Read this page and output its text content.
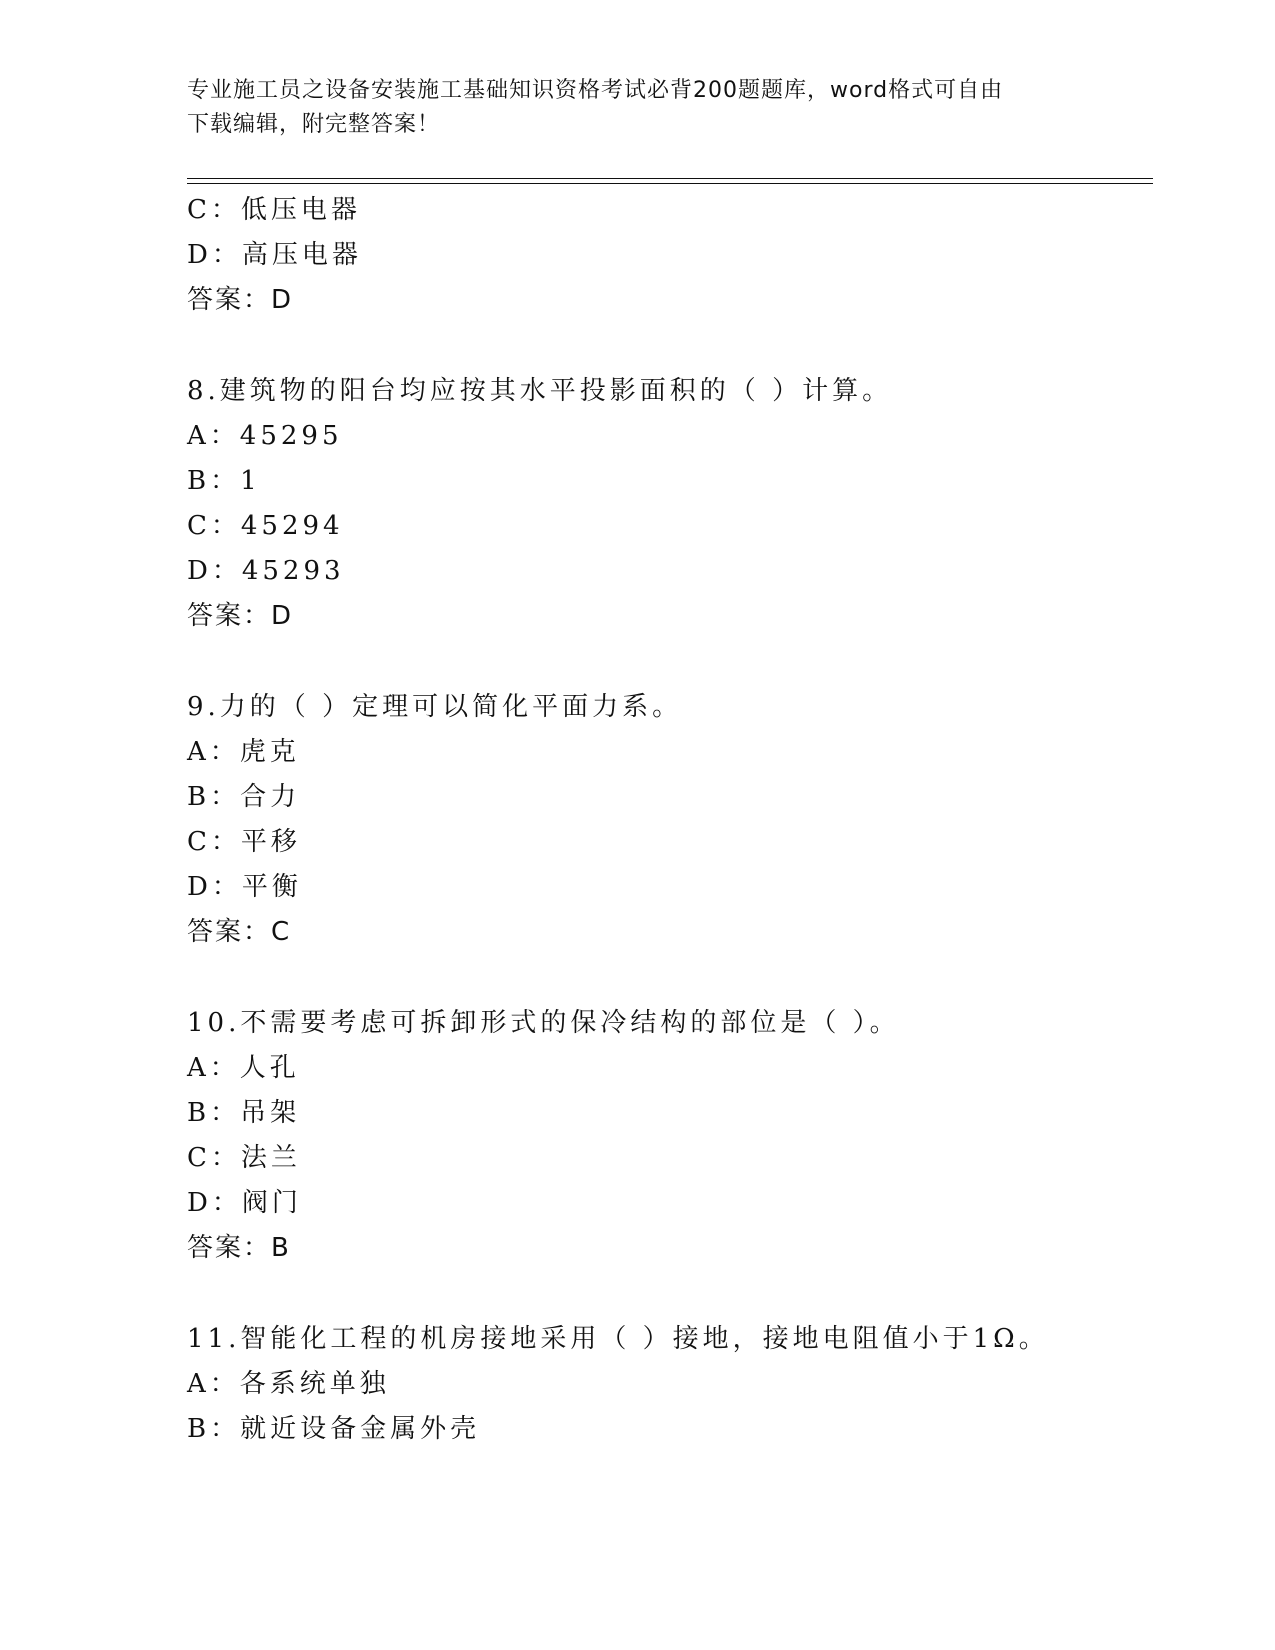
专业施工员之设备安装施工基础知识资格考试必背200题题库，word格式可自由
下载编辑，附完整答案！
C：低压电器
D：高压电器
答案：D
8.建筑物的阳台均应按其水平投影面积的（ ）计算。
A：45295
B：1
C：45294
D：45293
答案：D
9.力的（ ）定理可以简化平面力系。
A：虎克
B：合力
C：平移
D：平衡
答案：C
10.不需要考虑可拆卸形式的保冷结构的部位是（ ）。
A：人孔
B：吊架
C：法兰
D：阀门
答案：B
11.智能化工程的机房接地采用（ ）接地，接地电阻值小于1Ω。
A：各系统单独
B：就近设备金属外壳
